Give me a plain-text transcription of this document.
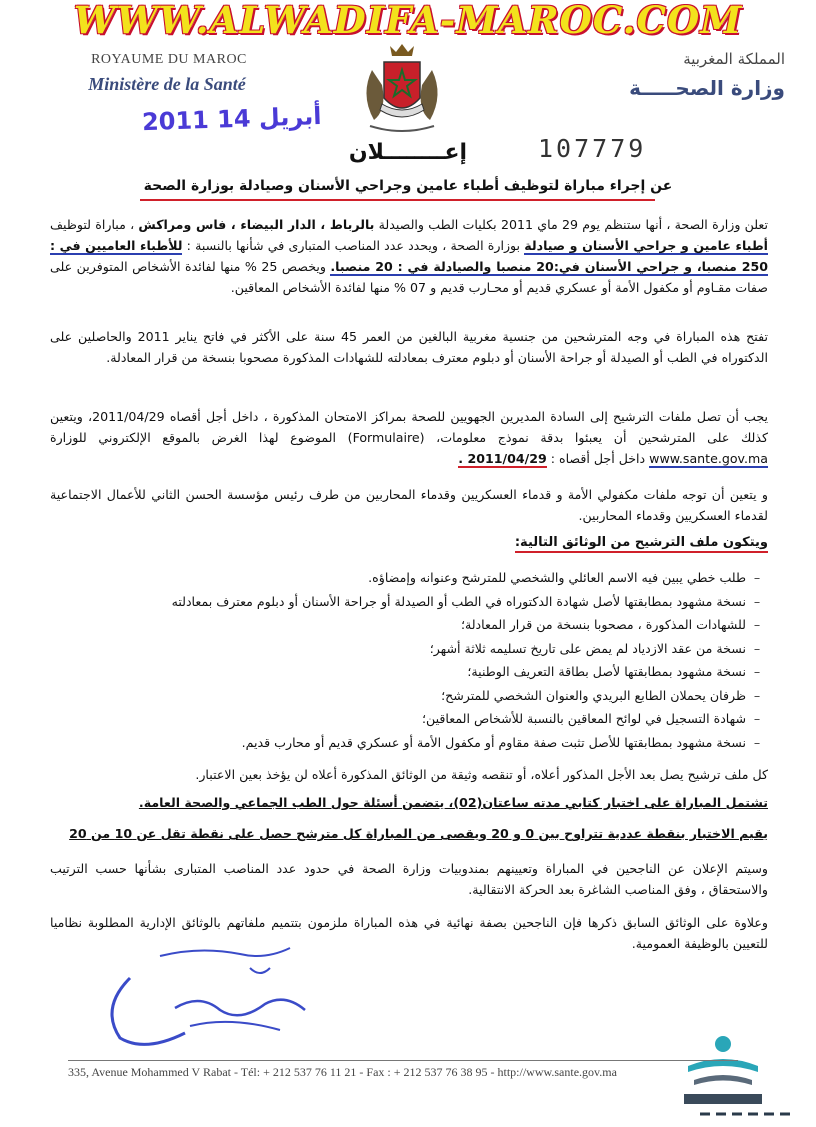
WWW.ALWADIFA-MAROC.COM
ROYAUME DU MAROC
Ministère de la Santé
المملكة المغربية
وزارة الصحـــــة
2011 أبريل 14
107779
إعــــــــلان
عن إجراء مباراة لتوظيف أطباء عامين وجراحي الأسنان وصيادلة بوزارة الصحة
تعلن وزارة الصحة ، أنها ستنظم يوم 29 ماي 2011 بكليات الطب والصيدلة بالرباط ، الدار البيضاء ، فاس ومراكش ، مباراة لتوظيف أطباء عامين و جراحي الأسنان و صيادلة بوزارة الصحة ، ويحدد عدد المناصب المتبارى في شأنها بالنسبة : للأطباء العاميين في : 250 منصبا، و جراحي الأسنان في:20 منصبا والصيادلة في : 20 منصبا. ويخصص 25 % منها لفائدة الأشخاص المتوفرين على صفات مقـاوم أو مكفول الأمة أو عسكري قديم أو محـارب قديم و 07 % منها لفائدة الأشخاص المعاقين.
تفتح هذه المباراة في وجه المترشحين من جنسية مغربية البالغين من العمر 45 سنة على الأكثر في فاتح يناير 2011 والحاصلين على الدكتوراه في الطب أو الصيدلة أو جراحة الأسنان أو دبلوم معترف بمعادلته للشهادات المذكورة مصحوبا بنسخة من قرار المعادلة.
يجب أن تصل ملفات الترشيح إلى السادة المديرين الجهويين للصحة بمراكز الامتحان المذكورة ، داخل أجل أقصاه 2011/04/29، ويتعين كذلك على المترشحين أن يعبئوا بدقة نموذج معلومات، (Formulaire) الموضوع لهذا الغرض بالموقع الإلكتروني للوزارة www.sante.gov.ma داخل أجل أقصاه : 2011/04/29 .
و يتعين أن توجه ملفات مكفولي الأمة و قدماء العسكريين وقدماء المحاربين من طرف رئيس مؤسسة الحسن الثاني للأعمال الاجتماعية لقدماء العسكريين وقدماء المحاربين.
ويتكون ملف الترشيح من الوثائق التالية:
– طلب خطي يبين فيه الاسم العائلي والشخصي للمترشح وعنوانه وإمضاؤه.
– نسخة مشهود بمطابقتها لأصل شهادة الدكتوراه في الطب أو الصيدلة أو جراحة الأسنان أو دبلوم معترف بمعادلته
– للشهادات المذكورة ، مصحوبا بنسخة من قرار المعادلة؛
– نسخة من عقد الازدياد لم يمض على تاريخ تسليمه ثلاثة أشهر؛
– نسخة مشهود بمطابقتها لأصل بطاقة التعريف الوطنية؛
– ظرفان يحملان الطابع البريدي والعنوان الشخصي للمترشح؛
– شهادة التسجيل في لوائح المعاقين بالنسبة للأشخاص المعاقين؛
– نسخة مشهود بمطابقتها للأصل تثبت صفة مقاوم أو مكفول الأمة أو عسكري قديم أو محارب قديم.
كل ملف ترشيح يصل بعد الأجل المذكور أعلاه، أو تنقصه وثيقة من الوثائق المذكورة أعلاه لن يؤخذ بعين الاعتبار.
تشتمل المباراة على اختبار كتابي مدته ساعتان(02)، يتضمن أسئلة حول الطب الجماعي والصحة العامة.
يقيم الاختبار بنقطة عددية تتراوح بين 0 و 20 ويقصى من المباراة كل مترشح حصل على نقطة تقل عن 10 من 20
وسيتم الإعلان عن الناجحين في المباراة وتعيينهم بمندوبيات وزارة الصحة في حدود عدد المناصب المتبارى بشأنها حسب الترتيب والاستحقاق ، وفق المناصب الشاغرة بعد الحركة الانتقالية.
وعلاوة على الوثائق السابق ذكرها فإن الناجحين بصفة نهائية في هذه المباراة ملزمون بتتميم ملفاتهم بالوثائق الإدارية المطلوبة نظاميا للتعيين بالوظيفة العمومية.
335, Avenue Mohammed V Rabat - Tél: + 212 537 76 11 21 - Fax : + 212 537 76 38 95 - http://www.sante.gov.ma
